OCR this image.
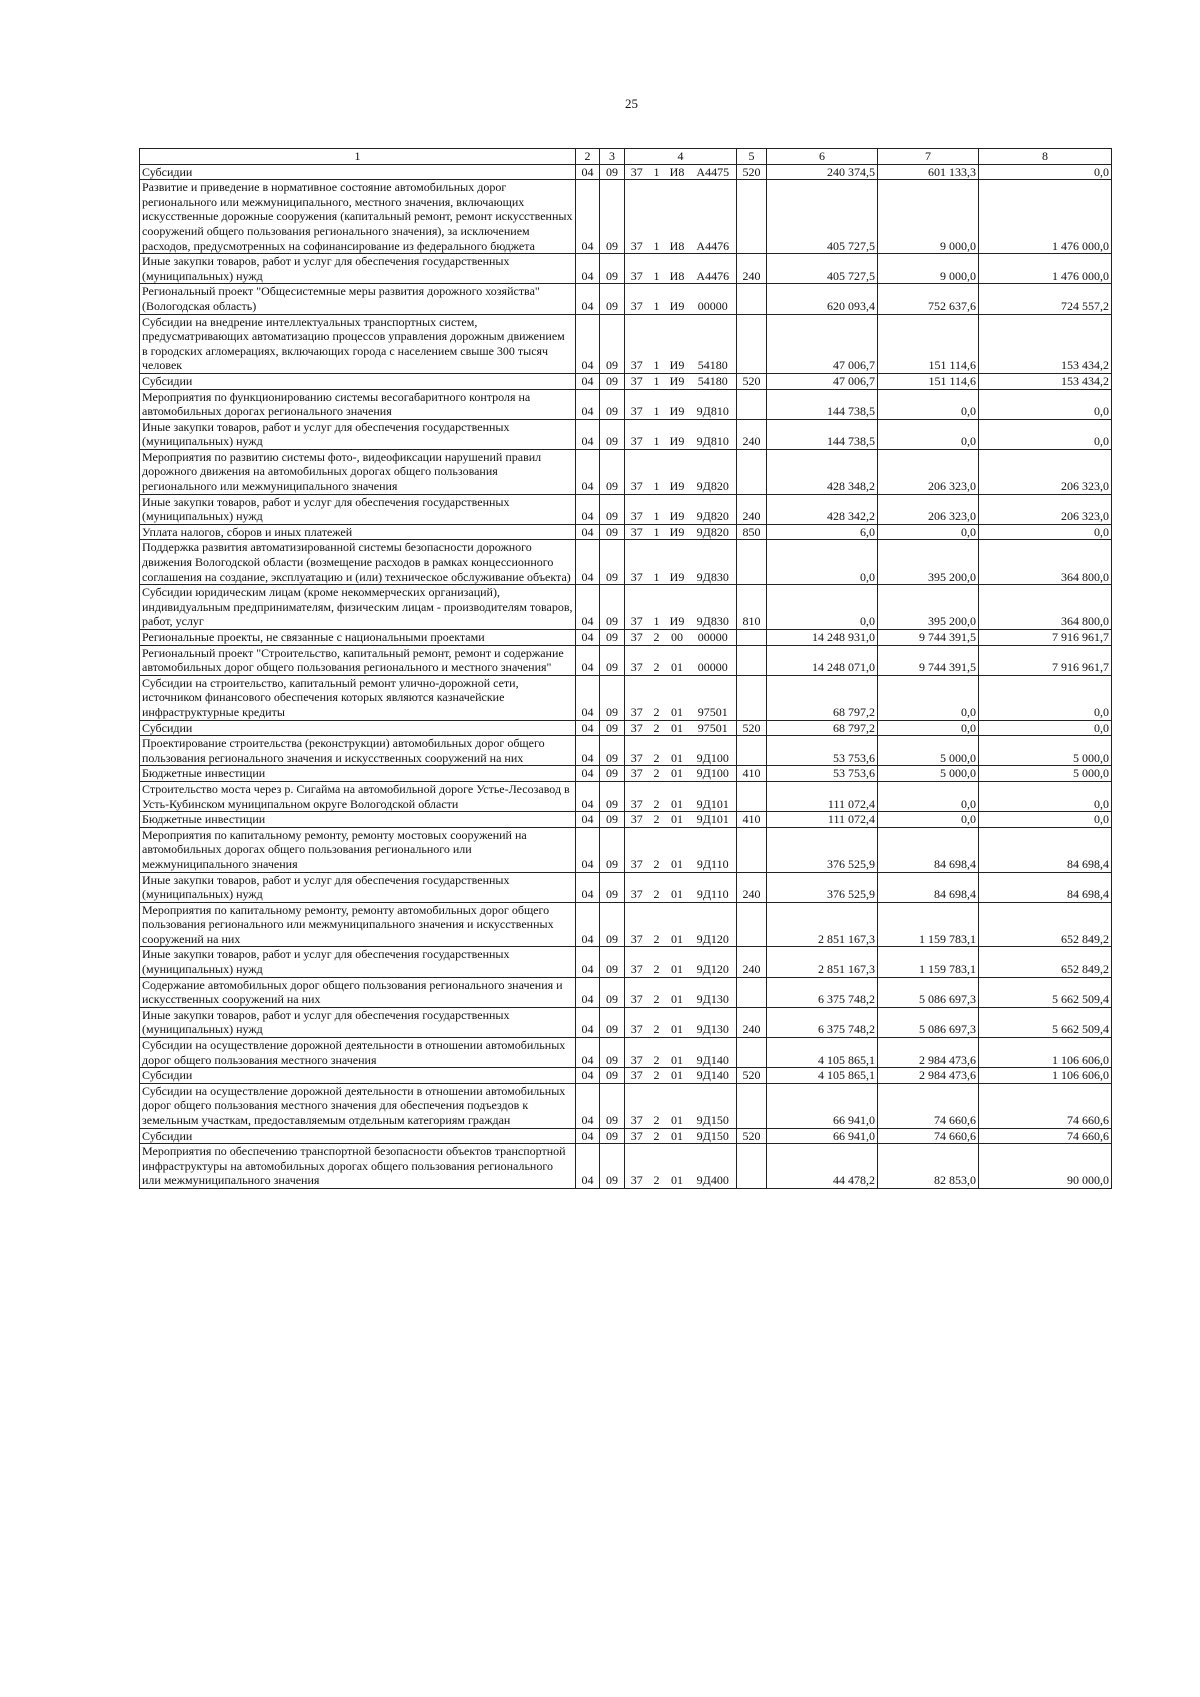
25
1	2	3	4				5	6	7	8
Субсидии	04	09	37	1	И8	А4475	520	240 374,5	601 133,3	0,0
Развитие и приведение в нормативное состояние автомобильных дорог регионального или межмуниципального, местного значения, включающих искусственные дорожные сооружения (капитальный ремонт, ремонт искусственных сооружений общего пользования регионального значения), за исключением расходов, предусмотренных на софинансирование из федерального бюджета	04	09	37	1	И8	А4476		405 727,5	9 000,0	1 476 000,0
Иные закупки товаров, работ и услуг для обеспечения государственных (муниципальных) нужд	04	09	37	1	И8	А4476	240	405 727,5	9 000,0	1 476 000,0
Региональный проект "Общесистемные меры развития дорожного хозяйства" (Вологодская область)	04	09	37	1	И9	00000		620 093,4	752 637,6	724 557,2
Субсидии на внедрение интеллектуальных транспортных систем, предусматривающих автоматизацию процессов управления дорожным движением в городских агломерациях, включающих города с населением свыше 300 тысяч человек	04	09	37	1	И9	54180		47 006,7	151 114,6	153 434,2
Субсидии	04	09	37	1	И9	54180	520	47 006,7	151 114,6	153 434,2
Мероприятия по функционированию системы весогабаритного контроля на автомобильных дорогах регионального значения	04	09	37	1	И9	9Д810		144 738,5	0,0	0,0
Иные закупки товаров, работ и услуг для обеспечения государственных (муниципальных) нужд	04	09	37	1	И9	9Д810	240	144 738,5	0,0	0,0
Мероприятия по развитию системы фото-, видеофиксации нарушений правил дорожного движения на автомобильных дорогах общего пользования регионального или межмуниципального значения	04	09	37	1	И9	9Д820		428 348,2	206 323,0	206 323,0
Иные закупки товаров, работ и услуг для обеспечения государственных (муниципальных) нужд	04	09	37	1	И9	9Д820	240	428 342,2	206 323,0	206 323,0
Уплата налогов, сборов и иных платежей	04	09	37	1	И9	9Д820	850	6,0	0,0	0,0
Поддержка развития автоматизированной системы безопасности дорожного движения Вологодской области (возмещение расходов в рамках концессионного соглашения на создание, эксплуатацию и (или) техническое обслуживание объекта)	04	09	37	1	И9	9Д830		0,0	395 200,0	364 800,0
Субсидии юридическим лицам (кроме некоммерческих организаций), индивидуальным предпринимателям, физическим лицам - производителям товаров, работ, услуг	04	09	37	1	И9	9Д830	810	0,0	395 200,0	364 800,0
Региональные проекты, не связанные с национальными проектами	04	09	37	2	00	00000		14 248 931,0	9 744 391,5	7 916 961,7
Региональный проект "Строительство, капитальный ремонт, ремонт и содержание автомобильных дорог общего пользования регионального и местного значения"	04	09	37	2	01	00000		14 248 071,0	9 744 391,5	7 916 961,7
Субсидии на строительство, капитальный ремонт улично-дорожной сети, источником финансового обеспечения которых являются казначейские инфраструктурные кредиты	04	09	37	2	01	97501		68 797,2	0,0	0,0
Субсидии	04	09	37	2	01	97501	520	68 797,2	0,0	0,0
Проектирование строительства (реконструкции) автомобильных дорог общего пользования регионального значения и искусственных сооружений на них	04	09	37	2	01	9Д100		53 753,6	5 000,0	5 000,0
Бюджетные инвестиции	04	09	37	2	01	9Д100	410	53 753,6	5 000,0	5 000,0
Строительство моста через р. Сигайма на автомобильной дороге Устье-Лесозавод в Усть-Кубинском муниципальном округе Вологодской области	04	09	37	2	01	9Д101		111 072,4	0,0	0,0
Бюджетные инвестиции	04	09	37	2	01	9Д101	410	111 072,4	0,0	0,0
Мероприятия по капитальному ремонту, ремонту мостовых сооружений на автомобильных дорогах общего пользования регионального или межмуниципального значения	04	09	37	2	01	9Д110		376 525,9	84 698,4	84 698,4
Иные закупки товаров, работ и услуг для обеспечения государственных (муниципальных) нужд	04	09	37	2	01	9Д110	240	376 525,9	84 698,4	84 698,4
Мероприятия по капитальному ремонту, ремонту автомобильных дорог общего пользования регионального или межмуниципального значения и искусственных сооружений на них	04	09	37	2	01	9Д120		2 851 167,3	1 159 783,1	652 849,2
Иные закупки товаров, работ и услуг для обеспечения государственных (муниципальных) нужд	04	09	37	2	01	9Д120	240	2 851 167,3	1 159 783,1	652 849,2
Содержание автомобильных дорог общего пользования регионального значения и искусственных сооружений на них	04	09	37	2	01	9Д130		6 375 748,2	5 086 697,3	5 662 509,4
Иные закупки товаров, работ и услуг для обеспечения государственных (муниципальных) нужд	04	09	37	2	01	9Д130	240	6 375 748,2	5 086 697,3	5 662 509,4
Субсидии на осуществление дорожной деятельности в отношении автомобильных дорог общего пользования местного значения	04	09	37	2	01	9Д140		4 105 865,1	2 984 473,6	1 106 606,0
Субсидии	04	09	37	2	01	9Д140	520	4 105 865,1	2 984 473,6	1 106 606,0
Субсидии на осуществление дорожной деятельности в отношении автомобильных дорог общего пользования местного значения для обеспечения подъездов к земельным участкам, предоставляемым отдельным категориям граждан	04	09	37	2	01	9Д150		66 941,0	74 660,6	74 660,6
Субсидии	04	09	37	2	01	9Д150	520	66 941,0	74 660,6	74 660,6
Мероприятия по обеспечению транспортной безопасности объектов транспортной инфраструктуры на автомобильных дорогах общего пользования регионального или межмуниципального значения	04	09	37	2	01	9Д400		44 478,2	82 853,0	90 000,0
